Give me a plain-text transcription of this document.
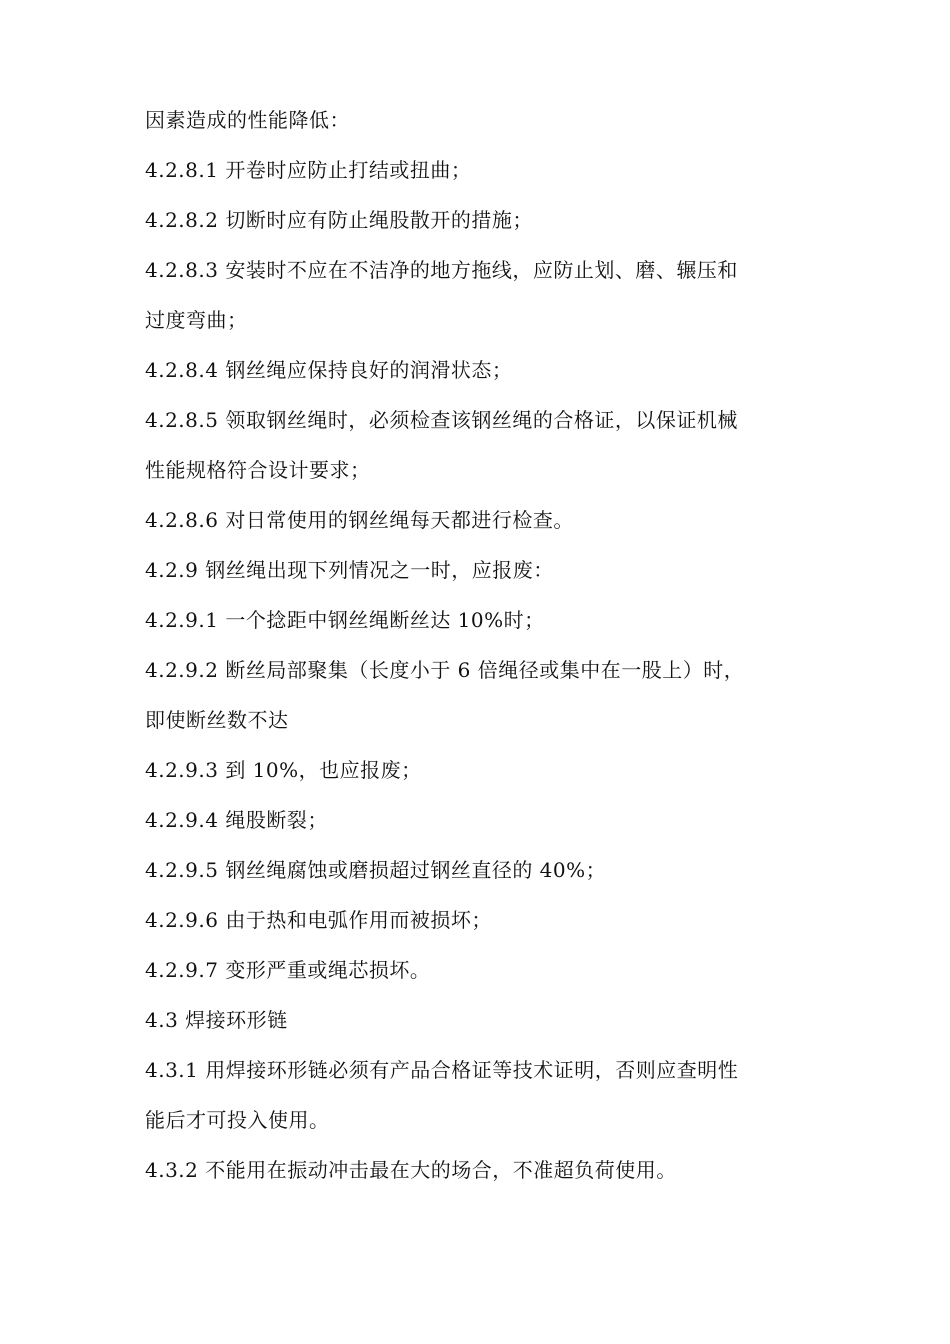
因素造成的性能降低：
4.2.8.1 开卷时应防止打结或扭曲；
4.2.8.2 切断时应有防止绳股散开的措施；
4.2.8.3 安装时不应在不洁净的地方拖线，应防止划、磨、辗压和
过度弯曲；
4.2.8.4 钢丝绳应保持良好的润滑状态；
4.2.8.5 领取钢丝绳时，必须检查该钢丝绳的合格证，以保证机械
性能规格符合设计要求；
4.2.8.6 对日常使用的钢丝绳每天都进行检查。
4.2.9 钢丝绳出现下列情况之一时，应报废：
4.2.9.1 一个捻距中钢丝绳断丝达 10%时；
4.2.9.2 断丝局部聚集（长度小于 6 倍绳径或集中在一股上）时，
即使断丝数不达
4.2.9.3 到 10%，也应报废；
4.2.9.4 绳股断裂；
4.2.9.5 钢丝绳腐蚀或磨损超过钢丝直径的 40%；
4.2.9.6 由于热和电弧作用而被损坏；
4.2.9.7 变形严重或绳芯损坏。
4.3 焊接环形链
4.3.1 用焊接环形链必须有产品合格证等技术证明，否则应查明性
能后才可投入使用。
4.3.2 不能用在振动冲击最在大的场合，不准超负荷使用。
